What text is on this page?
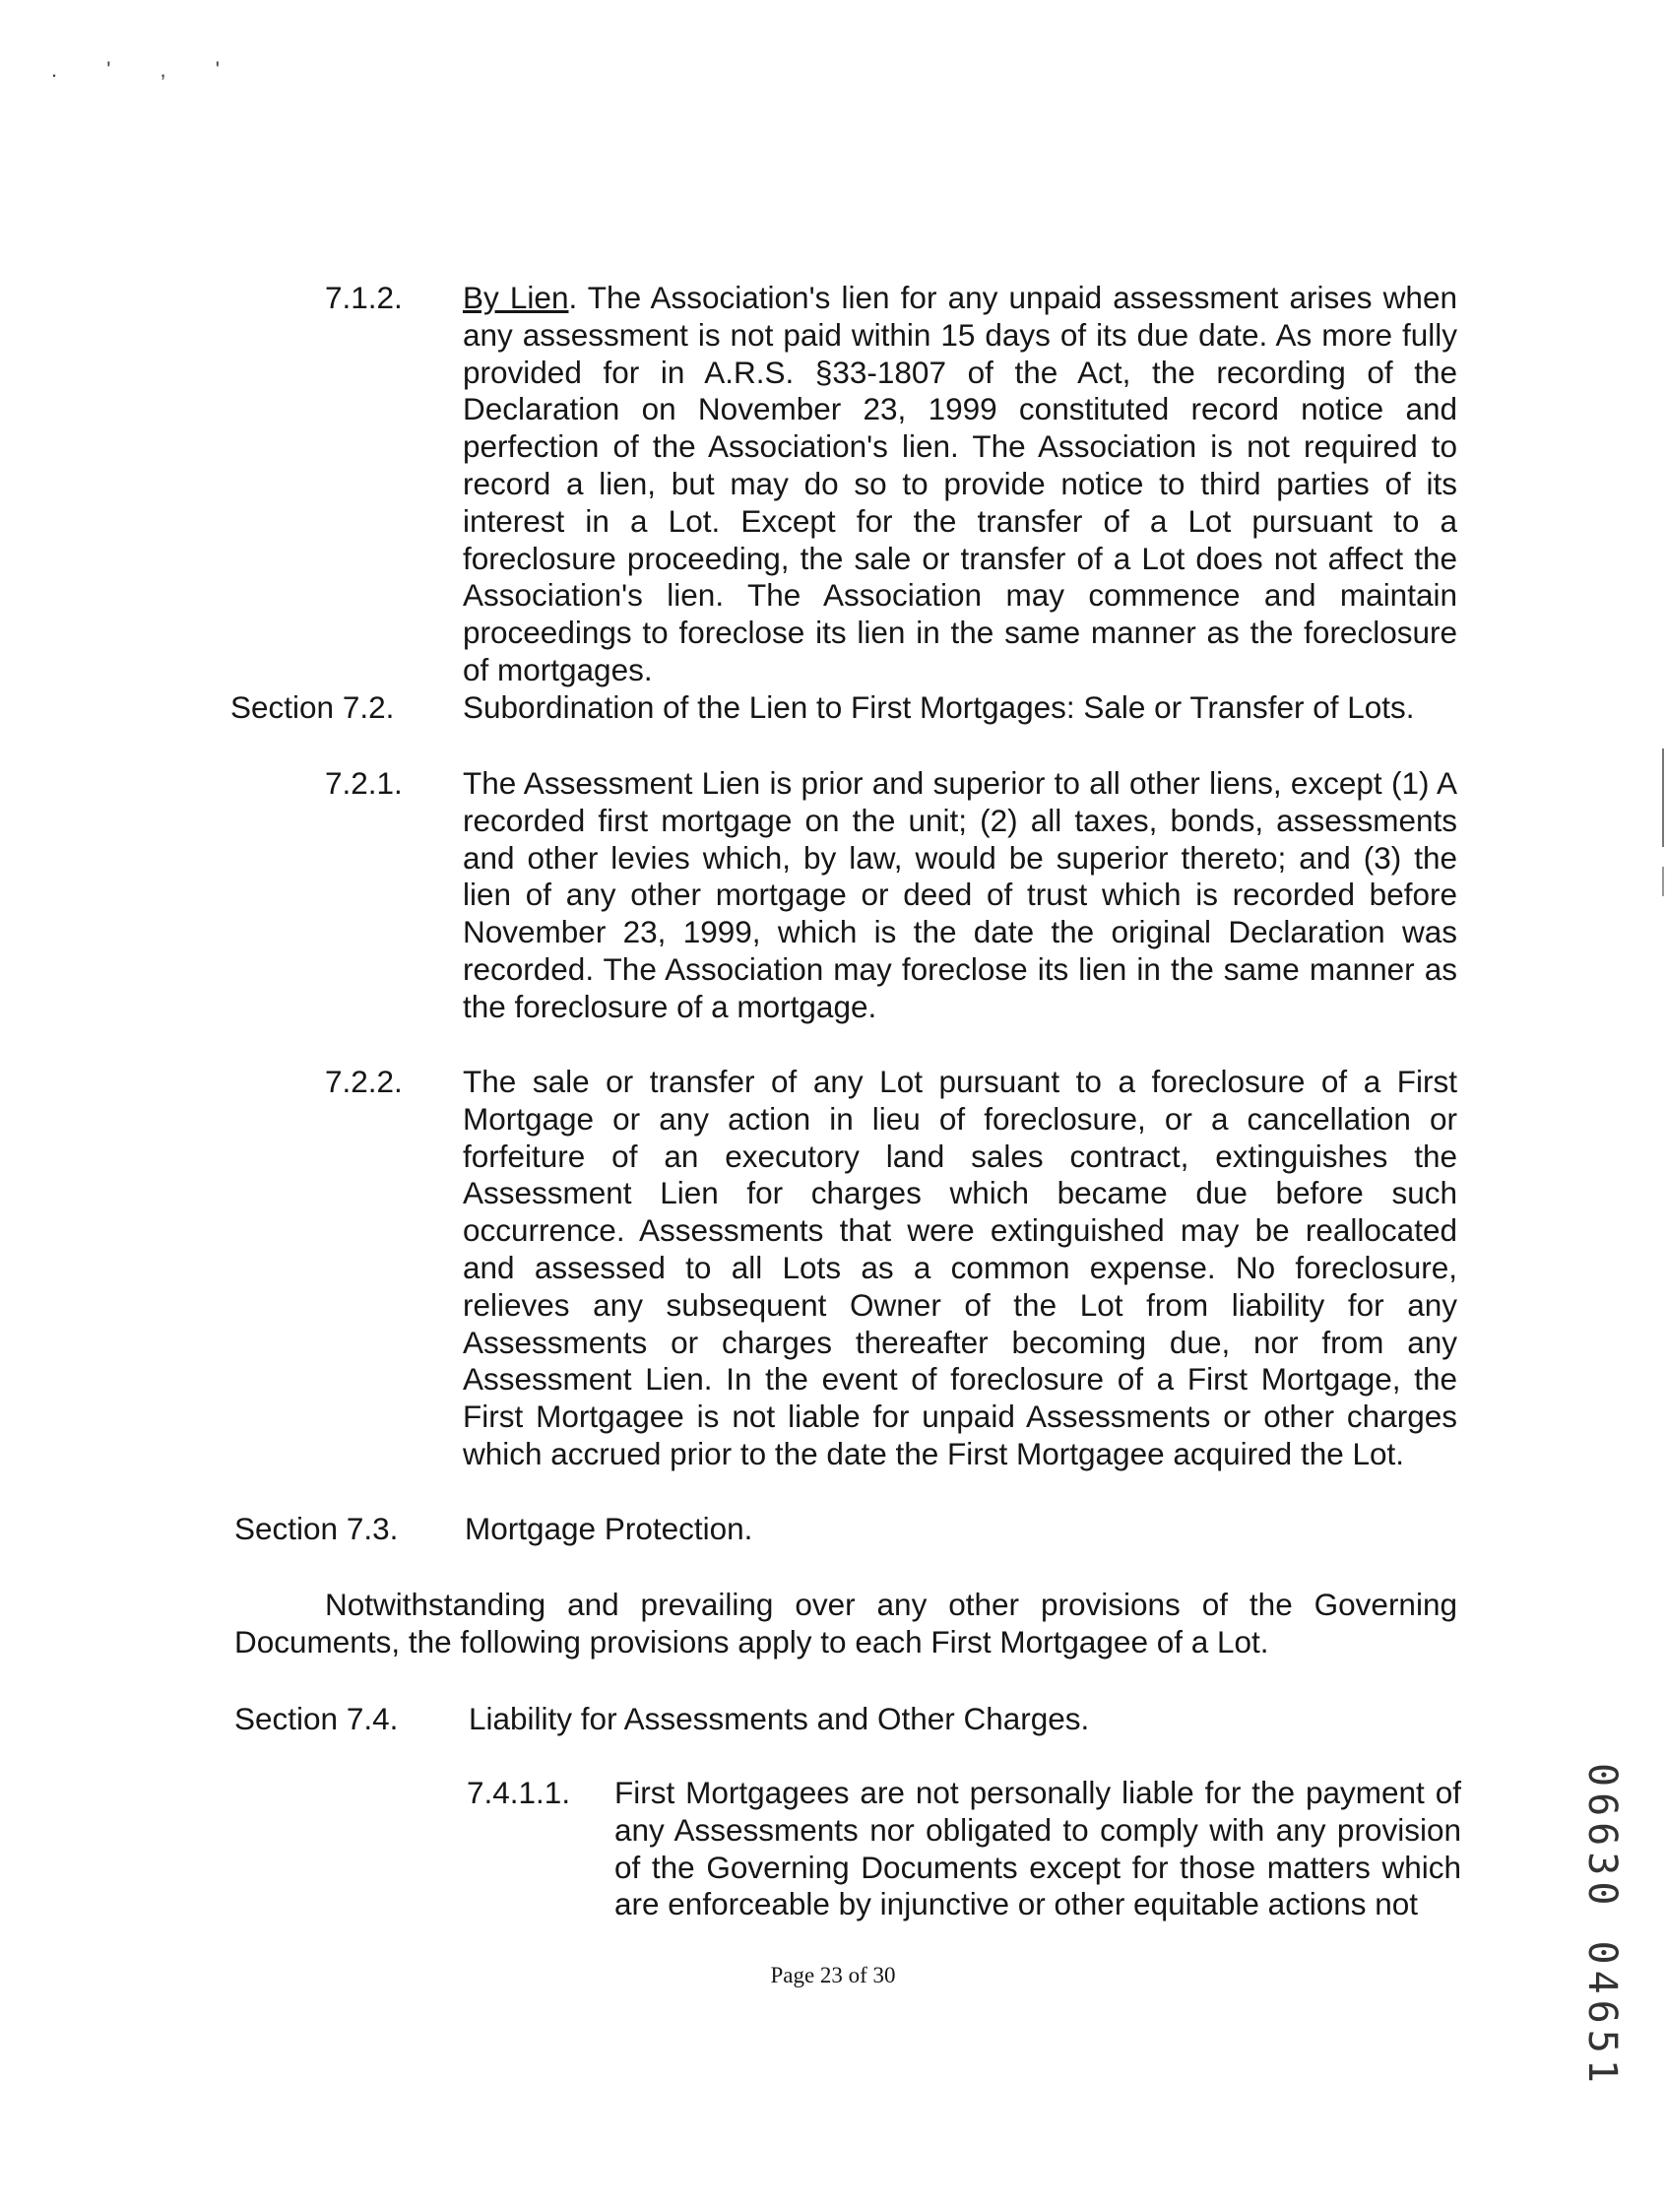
. ' , '
7.1.2. By Lien. The Association's lien for any unpaid assessment arises when any assessment is not paid within 15 days of its due date. As more fully provided for in A.R.S. §33-1807 of the Act, the recording of the Declaration on November 23, 1999 constituted record notice and perfection of the Association's lien. The Association is not required to record a lien, but may do so to provide notice to third parties of its interest in a Lot. Except for the transfer of a Lot pursuant to a foreclosure proceeding, the sale or transfer of a Lot does not affect the Association's lien. The Association may commence and maintain proceedings to foreclose its lien in the same manner as the foreclosure of mortgages.

Section 7.2. Subordination of the Lien to First Mortgages: Sale or Transfer of Lots.
7.2.1. The Assessment Lien is prior and superior to all other liens, except (1) A recorded first mortgage on the unit; (2) all taxes, bonds, assessments and other levies which, by law, would be superior thereto; and (3) the lien of any other mortgage or deed of trust which is recorded before November 23, 1999, which is the date the original Declaration was recorded. The Association may foreclose its lien in the same manner as the foreclosure of a mortgage.

7.2.2. The sale or transfer of any Lot pursuant to a foreclosure of a First Mortgage or any action in lieu of foreclosure, or a cancellation or forfeiture of an executory land sales contract, extinguishes the Assessment Lien for charges which became due before such occurrence. Assessments that were extinguished may be reallocated and assessed to all Lots as a common expense. No foreclosure, relieves any subsequent Owner of the Lot from liability for any Assessments or charges thereafter becoming due, nor from any Assessment Lien. In the event of foreclosure of a First Mortgage, the First Mortgagee is not liable for unpaid Assessments or other charges which accrued prior to the date the First Mortgagee acquired the Lot.

Section 7.3. Mortgage Protection.

Notwithstanding and prevailing over any other provisions of the Governing Documents, the following provisions apply to each First Mortgagee of a Lot.

Section 7.4. Liability for Assessments and Other Charges.
7.4.1.1. First Mortgagees are not personally liable for the payment of any Assessments nor obligated to comply with any provision of the Governing Documents except for those matters which are enforceable by injunctive or other equitable actions not

Page 23 of 30	06630 04651
